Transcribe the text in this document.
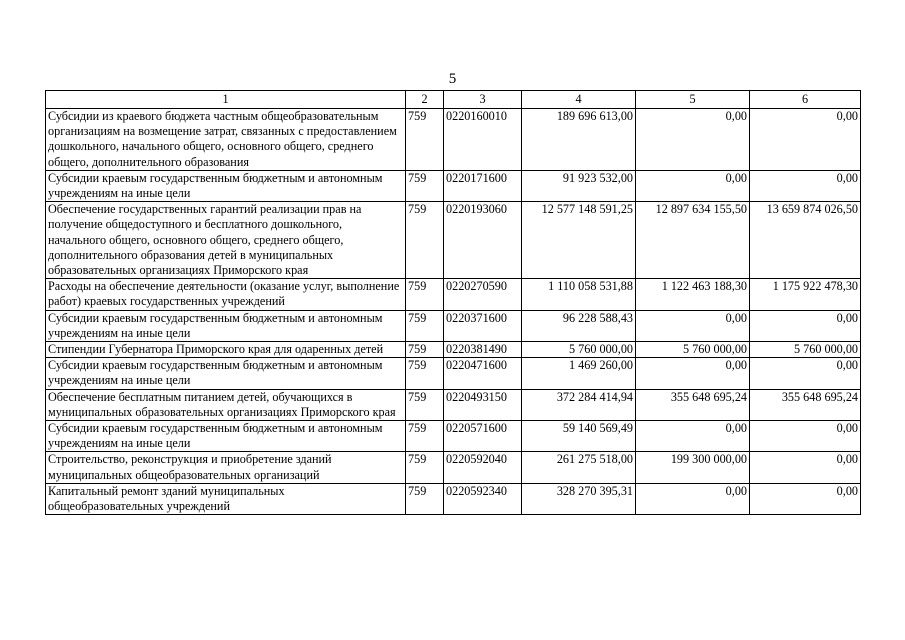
5
1	2	3	4	5	6
Субсидии из краевого бюджета частным общеобразовательным организациям на возмещение затрат, связанных с предоставлением дошкольного, начального общего, основного общего, среднего общего, дополнительного образования	759	0220160010	189 696 613,00	0,00	0,00
Субсидии краевым государственным бюджетным и автономным учреждениям на иные цели	759	0220171600	91 923 532,00	0,00	0,00
Обеспечение государственных гарантий реализации прав на получение общедоступного и бесплатного дошкольного, начального общего, основного общего, среднего общего, дополнительного образования детей в муниципальных образовательных организациях Приморского края	759	0220193060	12 577 148 591,25	12 897 634 155,50	13 659 874 026,50
Расходы на обеспечение деятельности (оказание услуг, выполнение работ) краевых государственных учреждений	759	0220270590	1 110 058 531,88	1 122 463 188,30	1 175 922 478,30
Субсидии краевым государственным бюджетным и автономным учреждениям на иные цели	759	0220371600	96 228 588,43	0,00	0,00
Стипендии Губернатора Приморского края для одаренных детей	759	0220381490	5 760 000,00	5 760 000,00	5 760 000,00
Субсидии краевым государственным бюджетным и автономным учреждениям на иные цели	759	0220471600	1 469 260,00	0,00	0,00
Обеспечение бесплатным питанием детей, обучающихся в муниципальных образовательных организациях Приморского края	759	0220493150	372 284 414,94	355 648 695,24	355 648 695,24
Субсидии краевым государственным бюджетным и автономным учреждениям на иные цели	759	0220571600	59 140 569,49	0,00	0,00
Строительство, реконструкция и приобретение зданий муниципальных общеобразовательных организаций	759	0220592040	261 275 518,00	199 300 000,00	0,00
Капитальный ремонт зданий муниципальных общеобразовательных учреждений	759	0220592340	328 270 395,31	0,00	0,00
